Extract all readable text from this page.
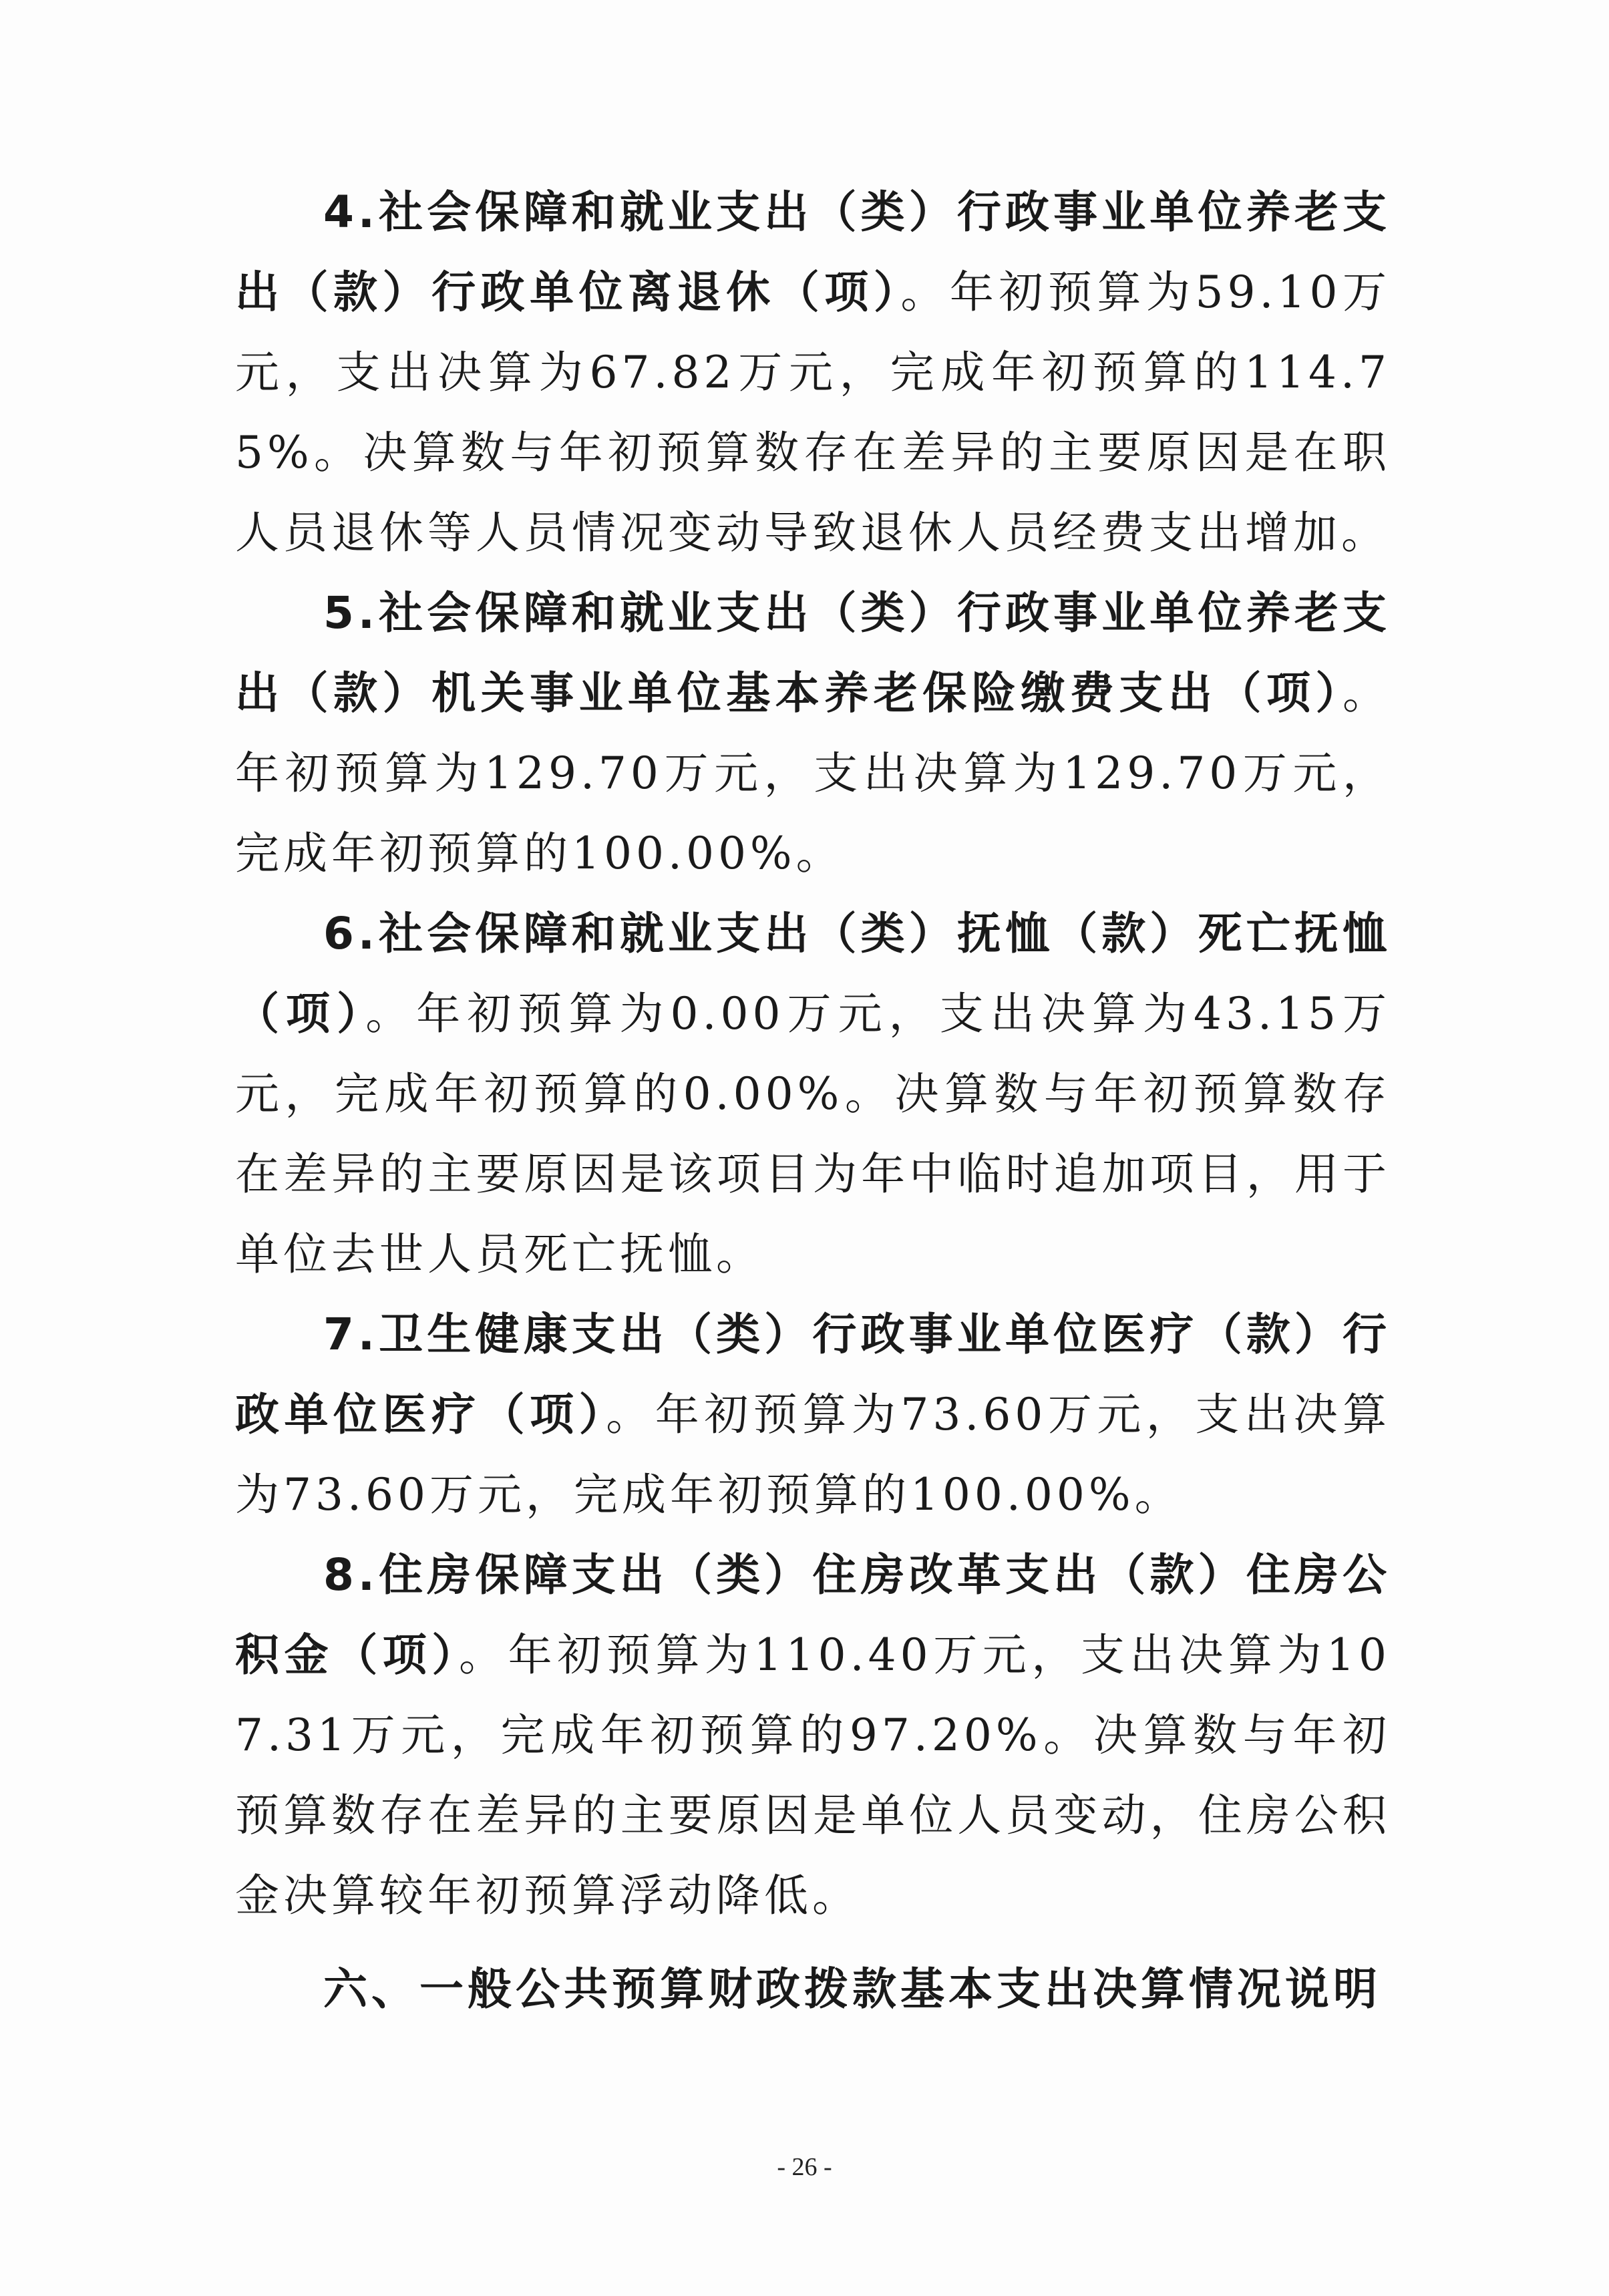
4.社会保障和就业支出（类）行政事业单位养老支出（款）行政单位离退休（项）。年初预算为59.10万元，支出决算为67.82万元，完成年初预算的114.75%。决算数与年初预算数存在差异的主要原因是在职人员退休等人员情况变动导致退休人员经费支出增加。

5.社会保障和就业支出（类）行政事业单位养老支出（款）机关事业单位基本养老保险缴费支出（项）。年初预算为129.70万元，支出决算为129.70万元，完成年初预算的100.00%。

6.社会保障和就业支出（类）抚恤（款）死亡抚恤（项）。年初预算为0.00万元，支出决算为43.15万元，完成年初预算的0.00%。决算数与年初预算数存在差异的主要原因是该项目为年中临时追加项目，用于单位去世人员死亡抚恤。

7.卫生健康支出（类）行政事业单位医疗（款）行政单位医疗（项）。年初预算为73.60万元，支出决算为73.60万元，完成年初预算的100.00%。

8.住房保障支出（类）住房改革支出（款）住房公积金（项）。年初预算为110.40万元，支出决算为107.31万元，完成年初预算的97.20%。决算数与年初预算数存在差异的主要原因是单位人员变动，住房公积金决算较年初预算浮动降低。

六、一般公共预算财政拨款基本支出决算情况说明

- 26 -
